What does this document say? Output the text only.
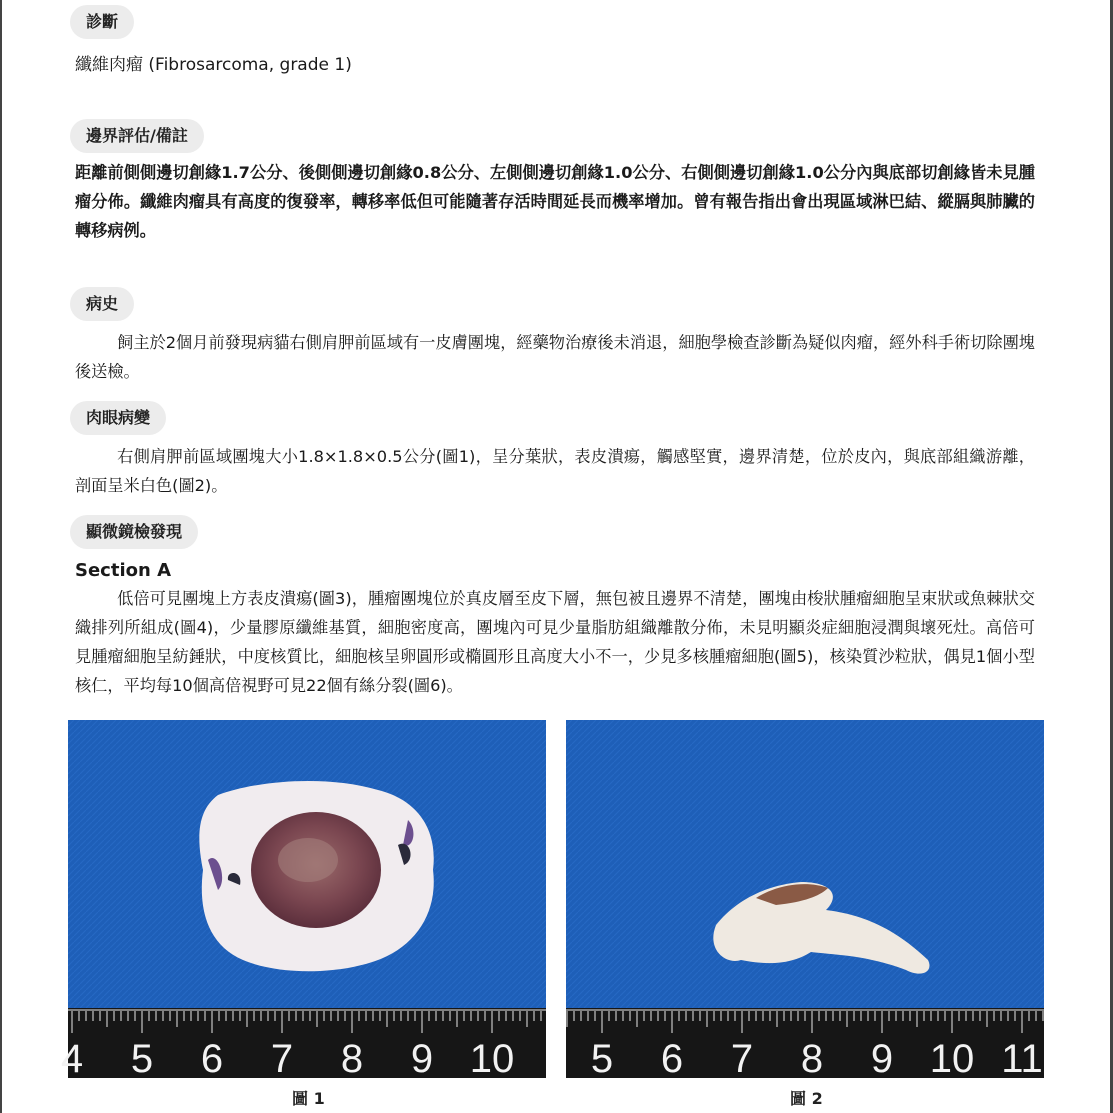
診斷
纖維肉瘤 (Fibrosarcoma, grade 1)
邊界評估/備註
距離前側側邊切創緣1.7公分、後側側邊切創緣0.8公分、左側側邊切創緣1.0公分、右側側邊切創緣1.0公分內與底部切創緣皆未見腫瘤分佈。纖維肉瘤具有高度的復發率，轉移率低但可能隨著存活時間延長而機率增加。曾有報告指出會出現區域淋巴結、縱膈與肺臟的轉移病例。
病史
飼主於2個月前發現病貓右側肩胛前區域有一皮膚團塊，經藥物治療後未消退，細胞學檢查診斷為疑似肉瘤，經外科手術切除團塊後送檢。
肉眼病變
右側肩胛前區域團塊大小1.8×1.8×0.5公分(圖1)，呈分葉狀，表皮潰瘍，觸感堅實，邊界清楚，位於皮內，與底部組織游離，剖面呈米白色(圖2)。
顯微鏡檢發現
Section A
低倍可見團塊上方表皮潰瘍(圖3)，腫瘤團塊位於真皮層至皮下層，無包被且邊界不清楚，團塊由梭狀腫瘤細胞呈束狀或魚棘狀交織排列所組成(圖4)，少量膠原纖維基質，細胞密度高，團塊內可見少量脂肪組織離散分佈，未見明顯炎症細胞浸潤與壞死灶。高倍可見腫瘤細胞呈紡錘狀，中度核質比，細胞核呈卵圓形或橢圓形且高度大小不一，少見多核腫瘤細胞(圖5)，核染質沙粒狀，偶見1個小型核仁，平均每10個高倍視野可見22個有絲分裂(圖6)。
4 5 6 7 8 9 10
圖 1
5 6 7 8 9 10 11
圖 2
